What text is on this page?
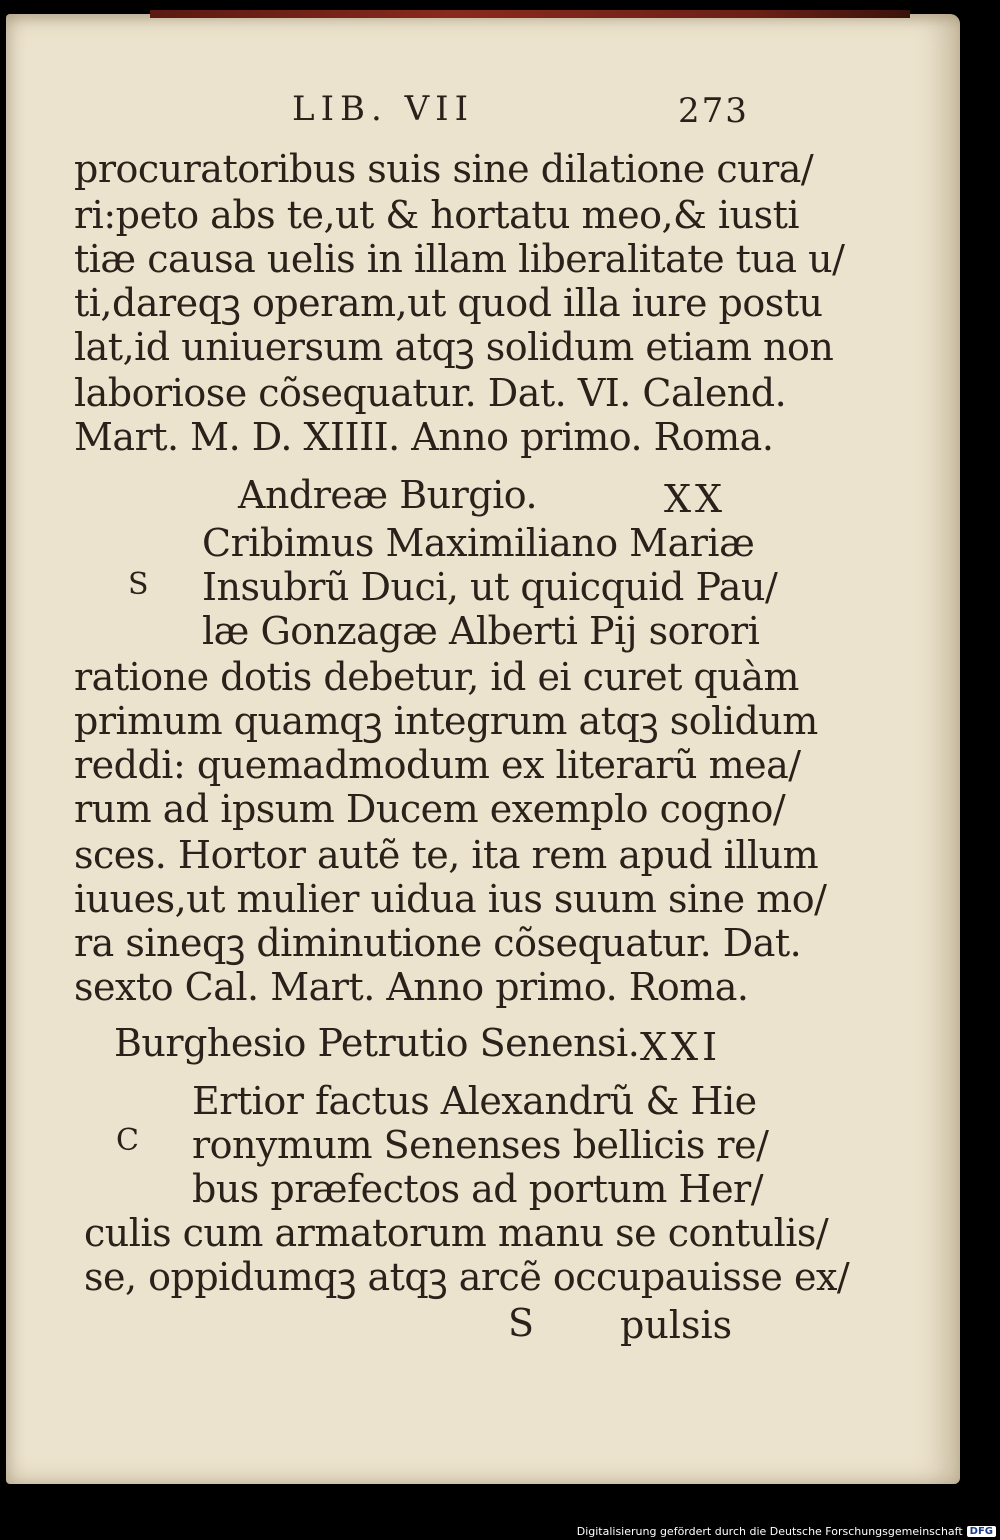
LIB. VII	273
procuratoribus suis sine dilatione cura/
ri:peto abs te,ut & hortatu meo,& iusti
tiæ causa uelis in illam liberalitate tua u/
ti,dareqꝫ operam,ut quod illa iure postu
lat,id uniuersum atqꝫ solidum etiam non
laboriose cõsequatur. Dat. VI. Calend.
Mart. M. D. XIIII. Anno primo. Roma.
Andreæ Burgio.	XX
S
Cribimus Maximiliano Mariæ
Insubrũ Duci, ut quicquid Pau/
læ Gonzagæ Alberti Pij sorori
ratione dotis debetur, id ei curet quàm
primum quamqꝫ integrum atqꝫ solidum
reddi: quemadmodum ex literarũ mea/
rum ad ipsum Ducem exemplo cogno/
sces. Hortor autẽ te, ita rem apud illum
iuues,ut mulier uidua ius suum sine mo/
ra sineqꝫ diminutione cõsequatur. Dat.
sexto Cal. Mart. Anno primo. Roma.
Burghesio Petrutio Senensi. XXI
C
Ertior factus Alexandrũ & Hie
ronymum Senenses bellicis re/
bus præfectos ad portum Her/
culis cum armatorum manu se contulis/
se, oppidumqꝫ atqꝫ arcẽ occupauisse ex/
S pulsis
Digitalisierung gefördert durch die Deutsche Forschungsgemeinschaft DFG
